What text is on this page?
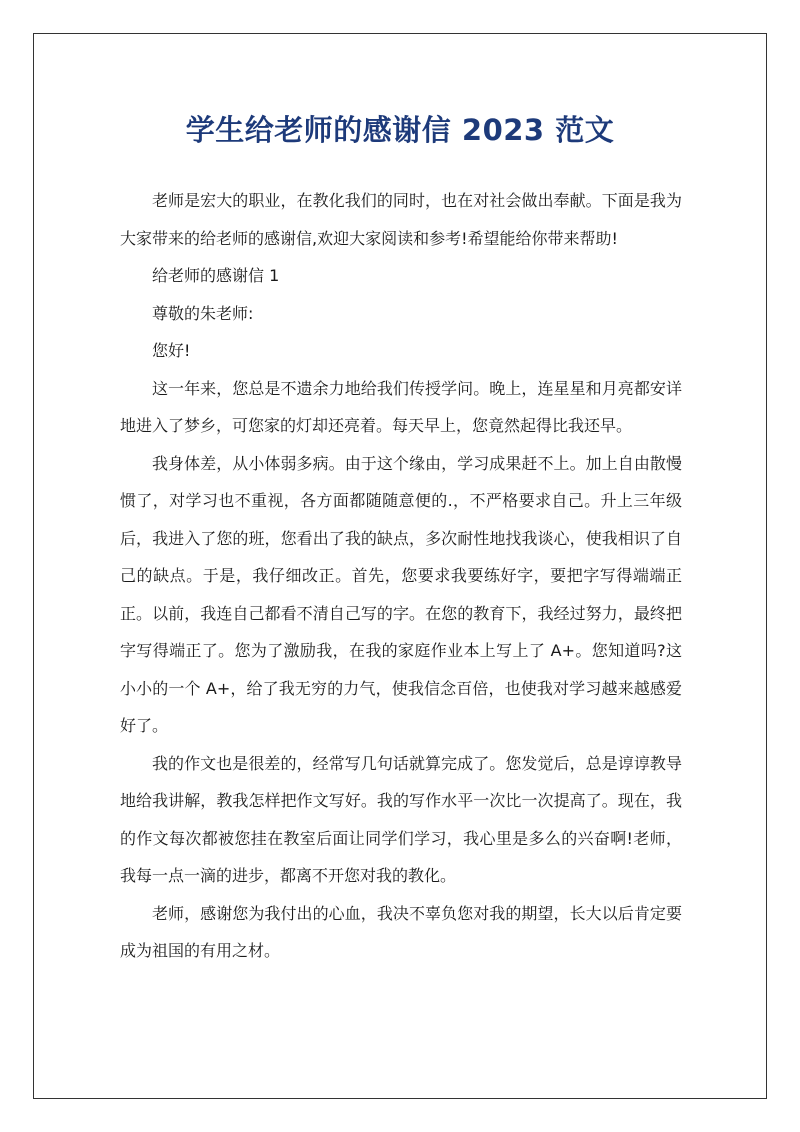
学生给老师的感谢信 2023 范文

老师是宏大的职业，在教化我们的同时，也在对社会做出奉献。下面是我为大家带来的给老师的感谢信,欢迎大家阅读和参考!希望能给你带来帮助!

给老师的感谢信 1

尊敬的朱老师:

您好!

这一年来，您总是不遗余力地给我们传授学问。晚上，连星星和月亮都安详地进入了梦乡，可您家的灯却还亮着。每天早上，您竟然起得比我还早。

我身体差，从小体弱多病。由于这个缘由，学习成果赶不上。加上自由散慢惯了，对学习也不重视，各方面都随随意便的.，不严格要求自己。升上三年级后，我进入了您的班，您看出了我的缺点，多次耐性地找我谈心，使我相识了自己的缺点。于是，我仔细改正。首先，您要求我要练好字，要把字写得端端正正。以前，我连自己都看不清自己写的字。在您的教育下，我经过努力，最终把字写得端正了。您为了激励我，在我的家庭作业本上写上了 A+。您知道吗?这小小的一个 A+，给了我无穷的力气，使我信念百倍，也使我对学习越来越感爱好了。

我的作文也是很差的，经常写几句话就算完成了。您发觉后，总是谆谆教导地给我讲解，教我怎样把作文写好。我的写作水平一次比一次提高了。现在，我的作文每次都被您挂在教室后面让同学们学习，我心里是多么的兴奋啊!老师，我每一点一滴的进步，都离不开您对我的教化。

老师，感谢您为我付出的心血，我决不辜负您对我的期望，长大以后肯定要成为祖国的有用之材。
